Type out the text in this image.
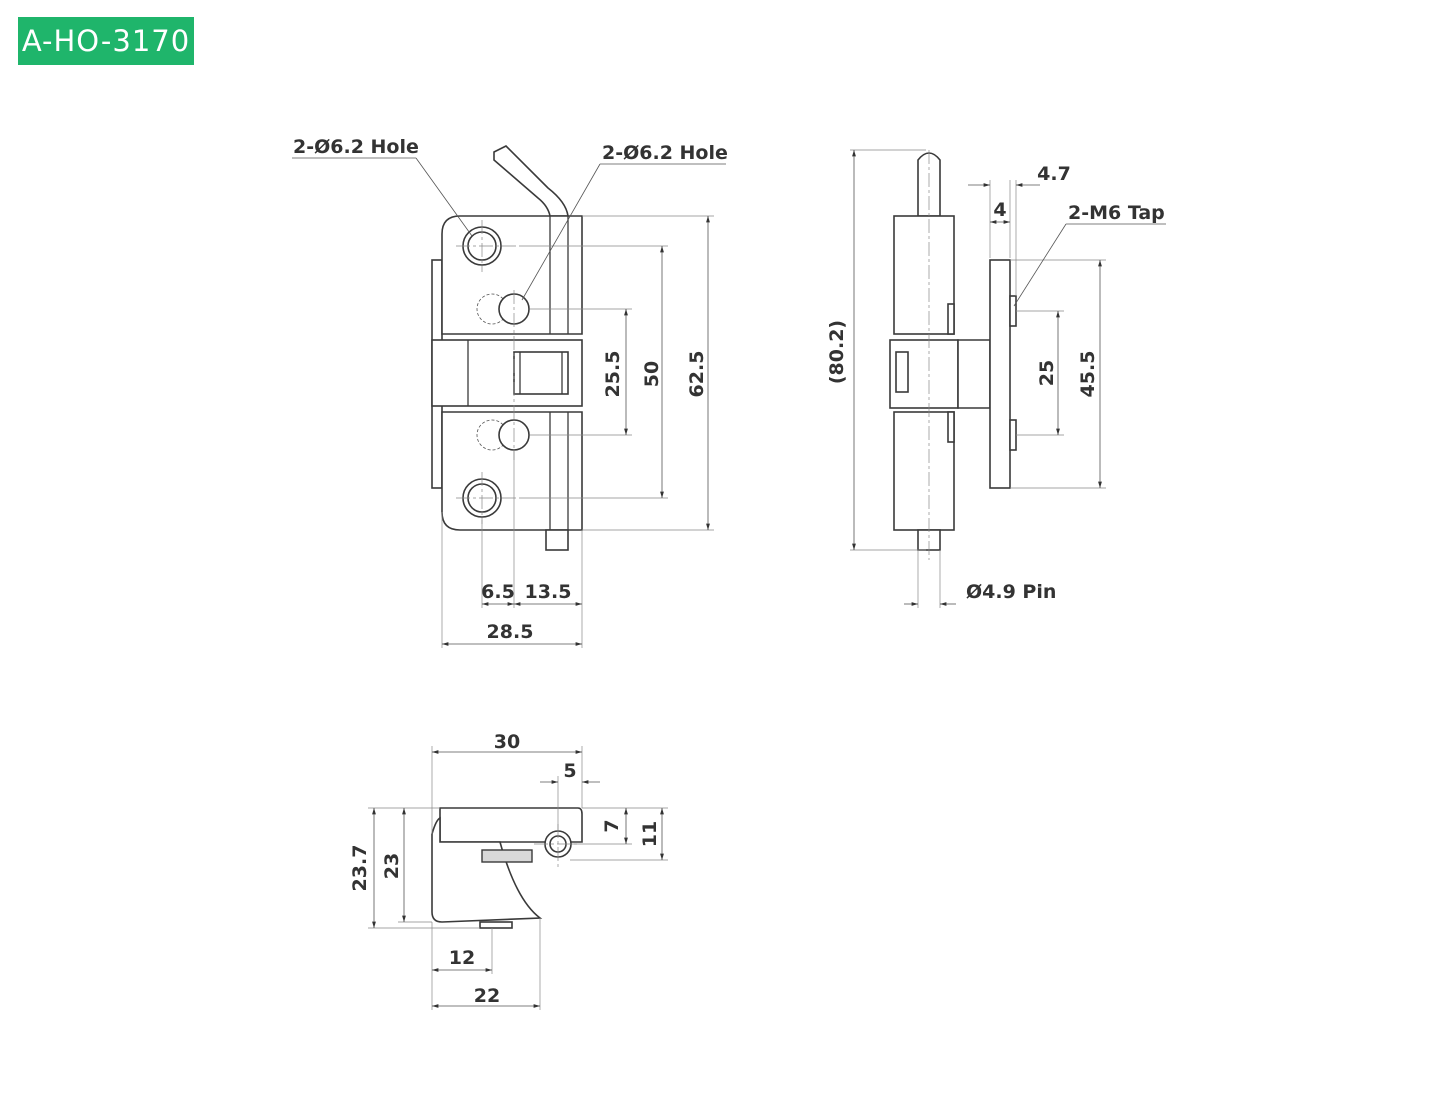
A-HO-3170
25.5 50 62.5
6.5 13.5
28.5
2-Ø6.2 Hole	2-Ø6.2 Hole
(80.2)	25 45.5
4.7
4	2-M6 Tap
Ø4.9 Pin
30
5
7 11
23.7 23
12
22
